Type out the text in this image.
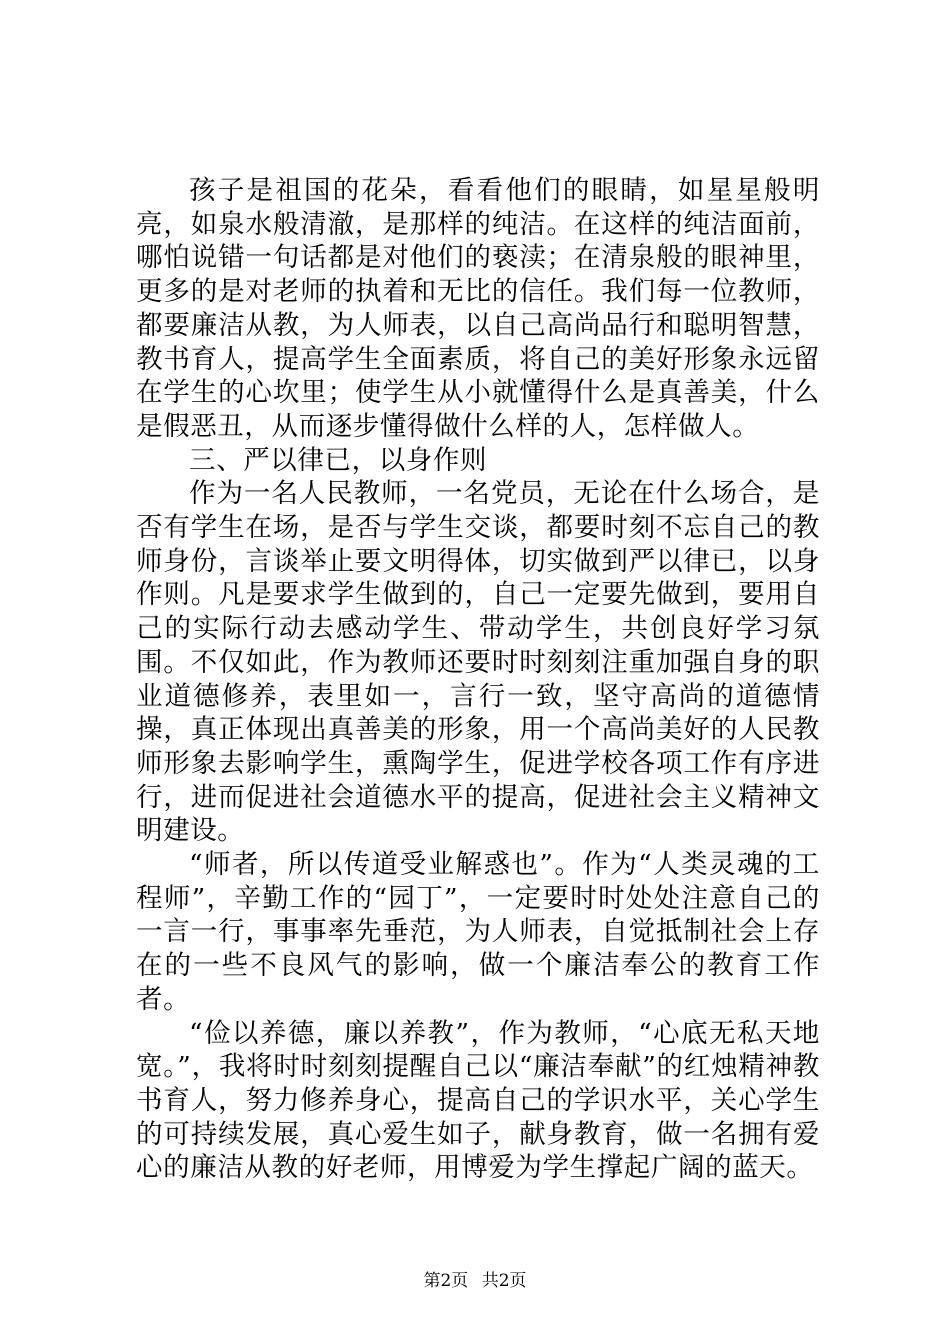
孩子是祖国的花朵，看看他们的眼睛，如星星般明亮，如泉水般清澈，是那样的纯洁。在这样的纯洁面前，哪怕说错一句话都是对他们的亵渎；在清泉般的眼神里，更多的是对老师的执着和无比的信任。我们每一位教师，都要廉洁从教，为人师表，以自己高尚品行和聪明智慧，教书育人，提高学生全面素质，将自己的美好形象永远留在学生的心坎里；使学生从小就懂得什么是真善美，什么是假恶丑，从而逐步懂得做什么样的人，怎样做人。

三、严以律已，以身作则

作为一名人民教师，一名党员，无论在什么场合，是否有学生在场，是否与学生交谈，都要时刻不忘自己的教师身份，言谈举止要文明得体，切实做到严以律已，以身作则。凡是要求学生做到的，自己一定要先做到，要用自己的实际行动去感动学生、带动学生，共创良好学习氛围。不仅如此，作为教师还要时时刻刻注重加强自身的职业道德修养，表里如一，言行一致，坚守高尚的道德情操，真正体现出真善美的形象，用一个高尚美好的人民教师形象去影响学生，熏陶学生，促进学校各项工作有序进行，进而促进社会道德水平的提高，促进社会主义精神文明建设。

“师者，所以传道受业解惑也”。作为“人类灵魂的工程师”，辛勤工作的“园丁”，一定要时时处处注意自己的一言一行，事事率先垂范，为人师表，自觉抵制社会上存在的一些不良风气的影响，做一个廉洁奉公的教育工作者。

“俭以养德，廉以养教”，作为教师，“心底无私天地宽。”，我将时时刻刻提醒自己以“廉洁奉献”的红烛精神教书育人，努力修养身心，提高自己的学识水平，关心学生的可持续发展，真心爱生如子，献身教育，做一名拥有爱心的廉洁从教的好老师，用博爱为学生撑起广阔的蓝天。

第2页 共2页
